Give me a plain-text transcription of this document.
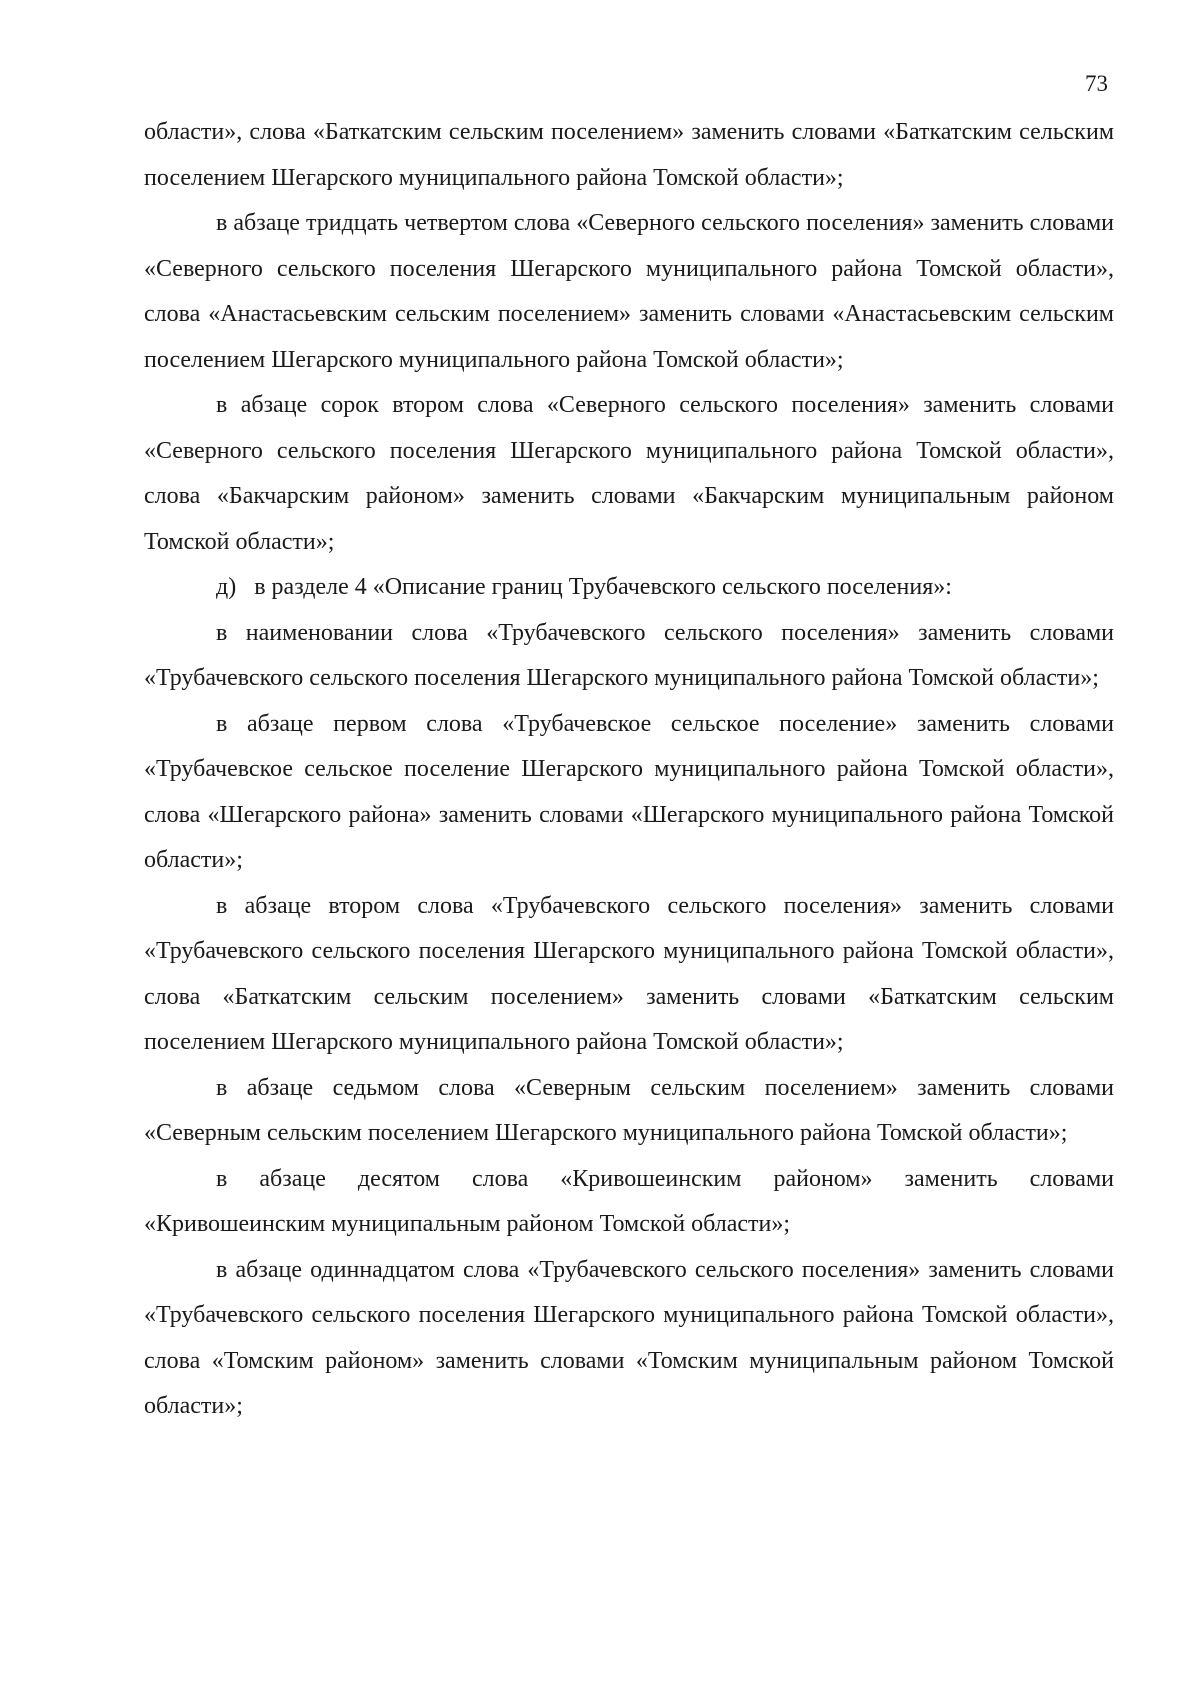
73

области», слова «Баткатским сельским поселением» заменить словами «Баткатским сельским поселением Шегарского муниципального района Томской области»;

в абзаце тридцать четвертом слова «Северного сельского поселения» заменить словами «Северного сельского поселения Шегарского муниципального района Томской области», слова «Анастасьевским сельским поселением» заменить словами «Анастасьевским сельским поселением Шегарского муниципального района Томской области»;

в абзаце сорок втором слова «Северного сельского поселения» заменить словами «Северного сельского поселения Шегарского муниципального района Томской области», слова «Бакчарским районом» заменить словами «Бакчарским муниципальным районом Томской области»;

д)   в разделе 4 «Описание границ Трубачевского сельского поселения»:

в наименовании слова «Трубачевского сельского поселения» заменить словами «Трубачевского сельского поселения Шегарского муниципального района Томской области»;

в абзаце первом слова «Трубачевское сельское поселение» заменить словами «Трубачевское сельское поселение Шегарского муниципального района Томской области», слова «Шегарского района» заменить словами «Шегарского муниципального района Томской области»;

в абзаце втором слова «Трубачевского сельского поселения» заменить словами «Трубачевского сельского поселения Шегарского муниципального района Томской области», слова «Баткатским сельским поселением» заменить словами «Баткатским сельским поселением Шегарского муниципального района Томской области»;

в абзаце седьмом слова «Северным сельским поселением» заменить словами «Северным сельским поселением Шегарского муниципального района Томской области»;

в абзаце десятом слова «Кривошеинским районом» заменить словами «Кривошеинским муниципальным районом Томской области»;

в абзаце одиннадцатом слова «Трубачевского сельского поселения» заменить словами «Трубачевского сельского поселения Шегарского муниципального района Томской области», слова «Томским районом» заменить словами «Томским муниципальным районом Томской области»;
